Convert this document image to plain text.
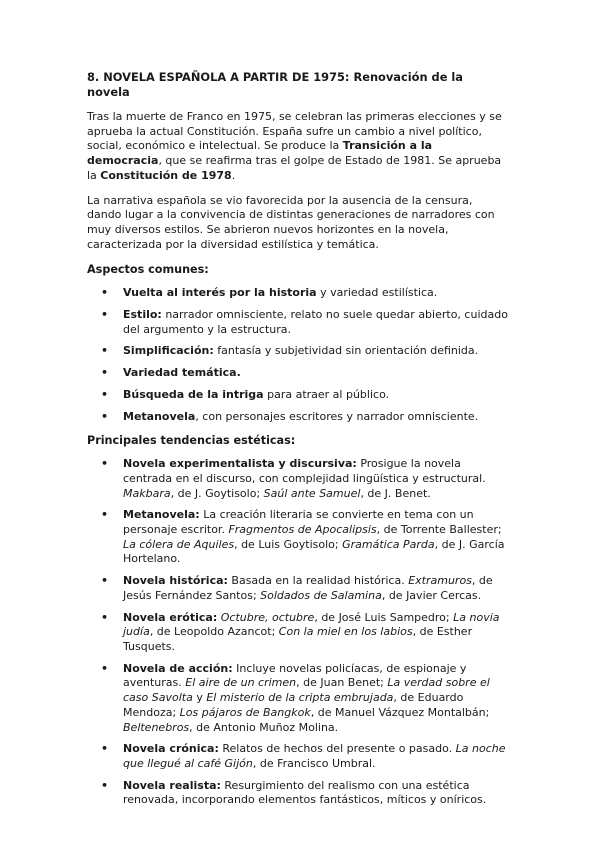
8. NOVELA ESPAÑOLA A PARTIR DE 1975: Renovación de la novela

Tras la muerte de Franco en 1975, se celebran las primeras elecciones y se aprueba la actual Constitución. España sufre un cambio a nivel político, social, económico e intelectual. Se produce la Transición a la democracia, que se reafirma tras el golpe de Estado de 1981. Se aprueba la Constitución de 1978.

La narrativa española se vio favorecida por la ausencia de la censura, dando lugar a la convivencia de distintas generaciones de narradores con muy diversos estilos. Se abrieron nuevos horizontes en la novela, caracterizada por la diversidad estilística y temática.

Aspectos comunes:
• Vuelta al interés por la historia y variedad estilística.
• Estilo: narrador omnisciente, relato no suele quedar abierto, cuidado del argumento y la estructura.
• Simplificación: fantasía y subjetividad sin orientación definida.
• Variedad temática.
• Búsqueda de la intriga para atraer al público.
• Metanovela, con personajes escritores y narrador omnisciente.
Principales tendencias estéticas:
• Novela experimentalista y discursiva: Prosigue la novela centrada en el discurso, con complejidad lingüística y estructural. Makbara, de J. Goytisolo; Saúl ante Samuel, de J. Benet.
• Metanovela: La creación literaria se convierte en tema con un personaje escritor. Fragmentos de Apocalipsis, de Torrente Ballester; La cólera de Aquiles, de Luis Goytisolo; Gramática Parda, de J. García Hortelano.
• Novela histórica: Basada en la realidad histórica. Extramuros, de Jesús Fernández Santos; Soldados de Salamina, de Javier Cercas.
• Novela erótica: Octubre, octubre, de José Luis Sampedro; La novia judía, de Leopoldo Azancot; Con la miel en los labios, de Esther Tusquets.
• Novela de acción: Incluye novelas policíacas, de espionaje y aventuras. El aire de un crimen, de Juan Benet; La verdad sobre el caso Savolta y El misterio de la cripta embrujada, de Eduardo Mendoza; Los pájaros de Bangkok, de Manuel Vázquez Montalbán; Beltenebros, de Antonio Muñoz Molina.
• Novela crónica: Relatos de hechos del presente o pasado. La noche que llegué al café Gijón, de Francisco Umbral.
• Novela realista: Resurgimiento del realismo con una estética renovada, incorporando elementos fantásticos, míticos y oníricos.
